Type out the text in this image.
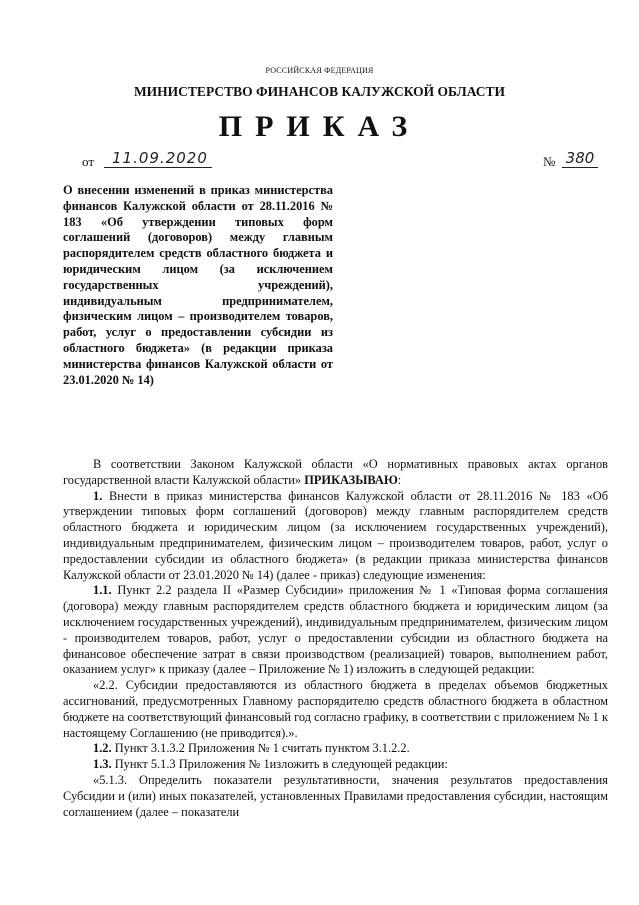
РОССИЙСКАЯ ФЕДЕРАЦИЯ
МИНИСТЕРСТВО ФИНАНСОВ КАЛУЖСКОЙ ОБЛАСТИ
ПРИКАЗ
от	11.09.2020	№ 380
О внесении изменений в приказ министерства финансов Калужской области от 28.11.2016 № 183 «Об утверждении типовых форм соглашений (договоров) между главным распорядителем средств областного бюджета и юридическим лицом (за исключением государственных учреждений), индивидуальным предпринимателем, физическим лицом – производителем товаров, работ, услуг о предоставлении субсидии из областного бюджета» (в редакции приказа министерства финансов Калужской области от 23.01.2020 № 14)

В соответствии Законом Калужской области «О нормативных правовых актах органов государственной власти Калужской области» ПРИКАЗЫВАЮ:

1. Внести в приказ министерства финансов Калужской области от 28.11.2016 № 183 «Об утверждении типовых форм соглашений (договоров) между главным распорядителем средств областного бюджета и юридическим лицом (за исключением государственных учреждений), индивидуальным предпринимателем, физическим лицом – производителем товаров, работ, услуг о предоставлении субсидии из областного бюджета» (в редакции приказа министерства финансов Калужской области от 23.01.2020 № 14) (далее - приказ) следующие изменения:

1.1. Пункт 2.2 раздела II «Размер Субсидии» приложения № 1 «Типовая форма соглашения (договора) между главным распорядителем средств областного бюджета и юридическим лицом (за исключением государственных учреждений), индивидуальным предпринимателем, физическим лицом - производителем товаров, работ, услуг о предоставлении субсидии из областного бюджета на финансовое обеспечение затрат в связи производством (реализацией) товаров, выполнением работ, оказанием услуг» к приказу (далее – Приложение № 1) изложить в следующей редакции:

«2.2. Субсидии предоставляются из областного бюджета в пределах объемов бюджетных ассигнований, предусмотренных Главному распорядителю средств областного бюджета в областном бюджете на соответствующий финансовый год согласно графику, в соответствии с приложением № 1 к настоящему Соглашению (не приводится).».

1.2. Пункт 3.1.3.2 Приложения № 1 считать пунктом 3.1.2.2.

1.3. Пункт 5.1.3 Приложения № 1изложить в следующей редакции:

«5.1.3. Определить показатели результативности, значения результатов предоставления Субсидии и (или) иных показателей, установленных Правилами предоставления субсидии, настоящим соглашением (далее – показатели
